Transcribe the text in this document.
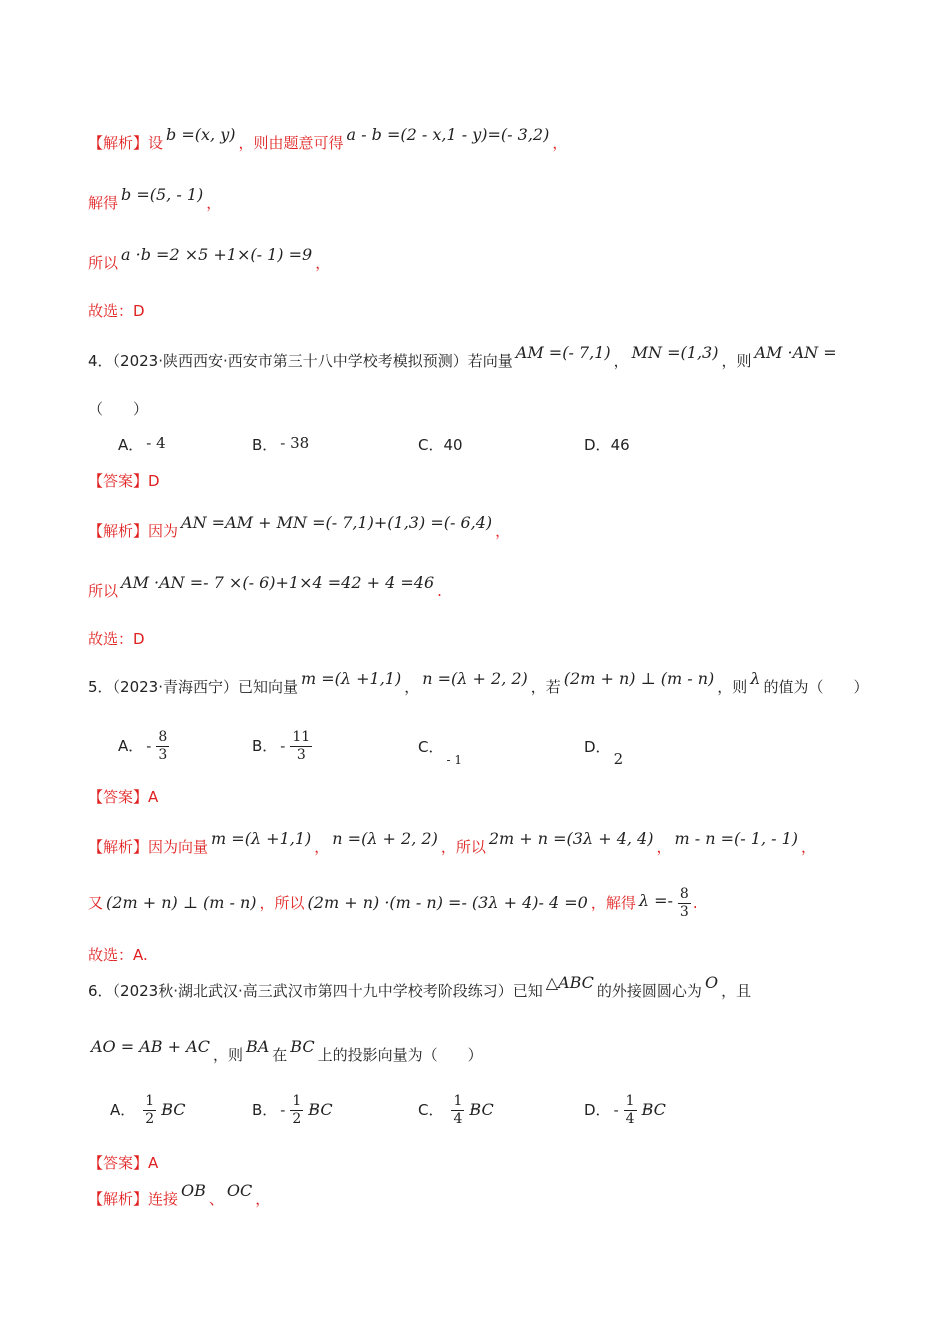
【解析】设 b =(x, y) ，则由题意可得 a - b =(2 - x,1 - y)=(- 3,2) ，
解得 b =(5, - 1) ，
所以 a ·b =2 ×5 +1×(- 1) =9 ，
故选：D
4．（2023·陕西西安·西安市第三十八中学校考模拟预测）若向量 AM =(- 7,1) ， MN =(1,3) ，则 AM ·AN =
（　　）
A． - 4	B． - 38	C．40	D．46
【答案】D
【解析】因为 AN =AM + MN =(- 7,1)+(1,3) =(- 6,4) ，
所以 AM ·AN =- 7 ×(- 6)+1×4 =42 + 4 =46 .
故选：D
5．（2023·青海西宁）已知向量 m =(λ +1,1) ， n =(λ + 2, 2) ，若 (2m + n) ⊥ (m - n) ，则 λ 的值为（　　）
A． - $\frac{8}{3}$	B． - $\frac{11}{3}$	C．$_{- 1}$
D．2
【答案】A
【解析】因为向量 m =(λ +1,1) ， n =(λ + 2, 2) ，所以 2m + n =(3λ + 4, 4) ， m - n =(- 1, - 1) ，
又 (2m + n) ⊥ (m - n) ，所以 (2m + n) ·(m - n) =- (3λ + 4)- 4 =0 ，解得 $\lambda =- \frac{8}{3}$ .
故选：A.
6．（2023秋·湖北武汉·高三武汉市第四十九中学校考阶段练习）已知 △ABC 的外接圆圆心为 O ，且
AO = AB + AC ，则 BA 在 BC 上的投影向量为（　　）
A． $\frac{1}{2}$ → BC	B． - $\frac{1}{2}$ → BC	C． $\frac{1}{4}$ → BC	D． - $\frac{1}{4}$ → BC
【答案】A
【解析】连接 OB 、 OC ，
